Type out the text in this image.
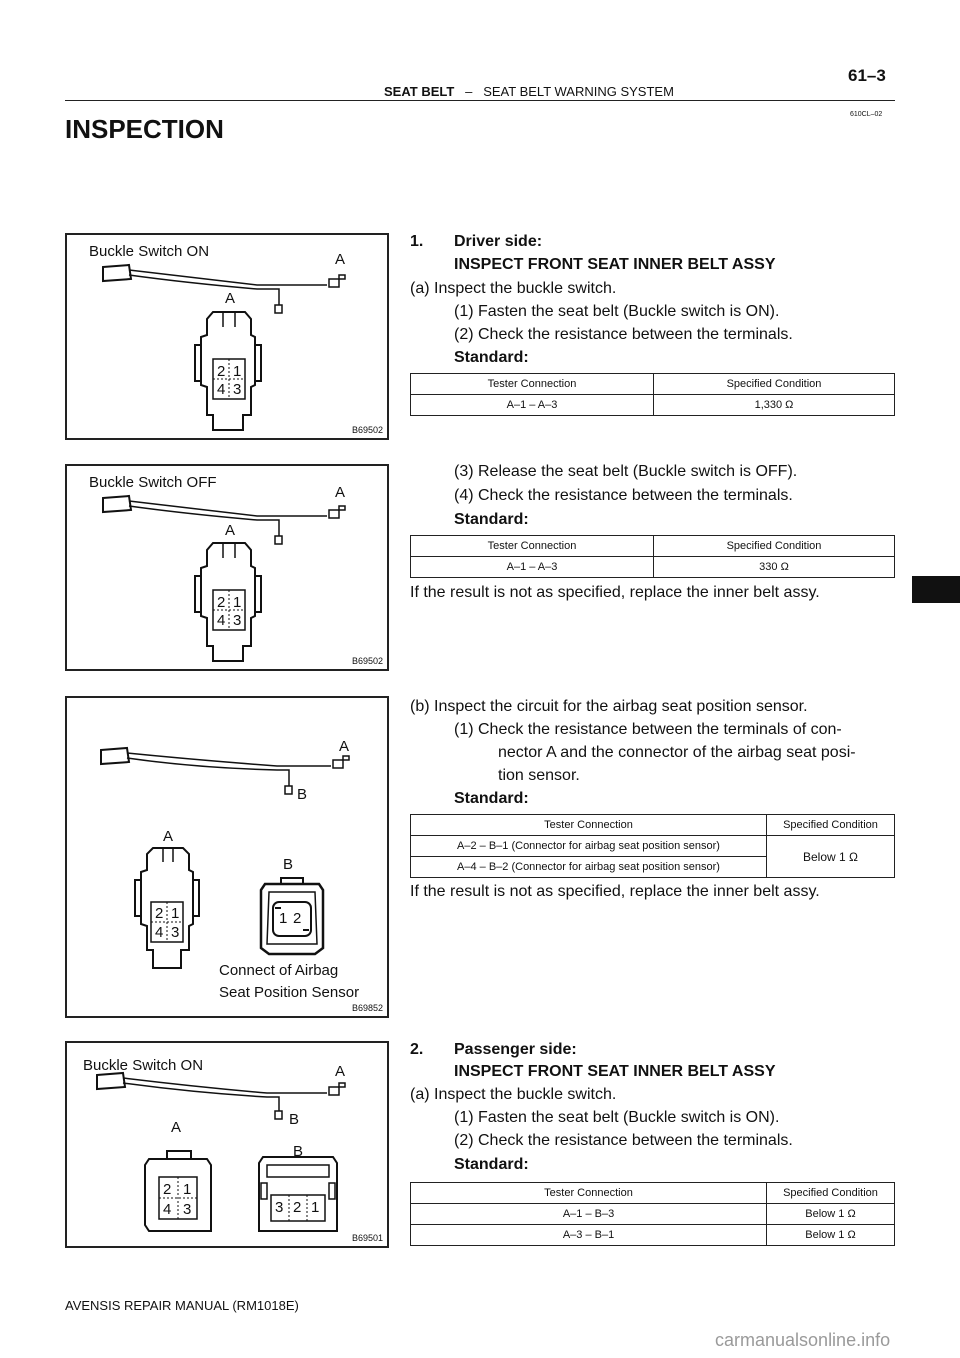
61–3
SEAT BELT – SEAT BELT WARNING SYSTEM
610CL–02
INSPECTION
Buckle Switch ON	A
A
2 1
4 3
B69502
Buckle Switch OFF
A
A
2 1
4 3
B69502
A
B
A
B
2 1
4 3
1 2
Connect of Airbag
Seat Position Sensor
B69852
Buckle Switch ON	A
B
A
B
2 1
4 3	3 2 1
B69501
1. Driver side:
INSPECT FRONT SEAT INNER BELT ASSY
(a) Inspect the buckle switch.
(1) Fasten the seat belt (Buckle switch is ON).
(2) Check the resistance between the terminals.
Standard:
Tester Connection	Specified Condition
A–1 – A–3	1,330 Ω
(3) Release the seat belt (Buckle switch is OFF).
(4) Check the resistance between the terminals.
Standard:
Tester Connection	Specified Condition
A–1 – A–3	330 Ω
If the result is not as specified, replace the inner belt assy.
(b) Inspect the circuit for the airbag seat position sensor.
(1) Check the resistance between the terminals of con-
nector A and the connector of the airbag seat posi-
tion sensor.
Standard:
Tester Connection	Specified Condition
A–2 – B–1 (Connector for airbag seat position sensor)	Below 1 Ω
A–4 – B–2 (Connector for airbag seat position sensor)	
If the result is not as specified, replace the inner belt assy.
2. Passenger side:
INSPECT FRONT SEAT INNER BELT ASSY
(a) Inspect the buckle switch.
(1) Fasten the seat belt (Buckle switch is ON).
(2) Check the resistance between the terminals.
Standard:
Tester Connection	Specified Condition
A–1 – B–3	Below 1 Ω
A–3 – B–1	Below 1 Ω
AVENSIS REPAIR MANUAL (RM1018E)
carmanualsonline.info
